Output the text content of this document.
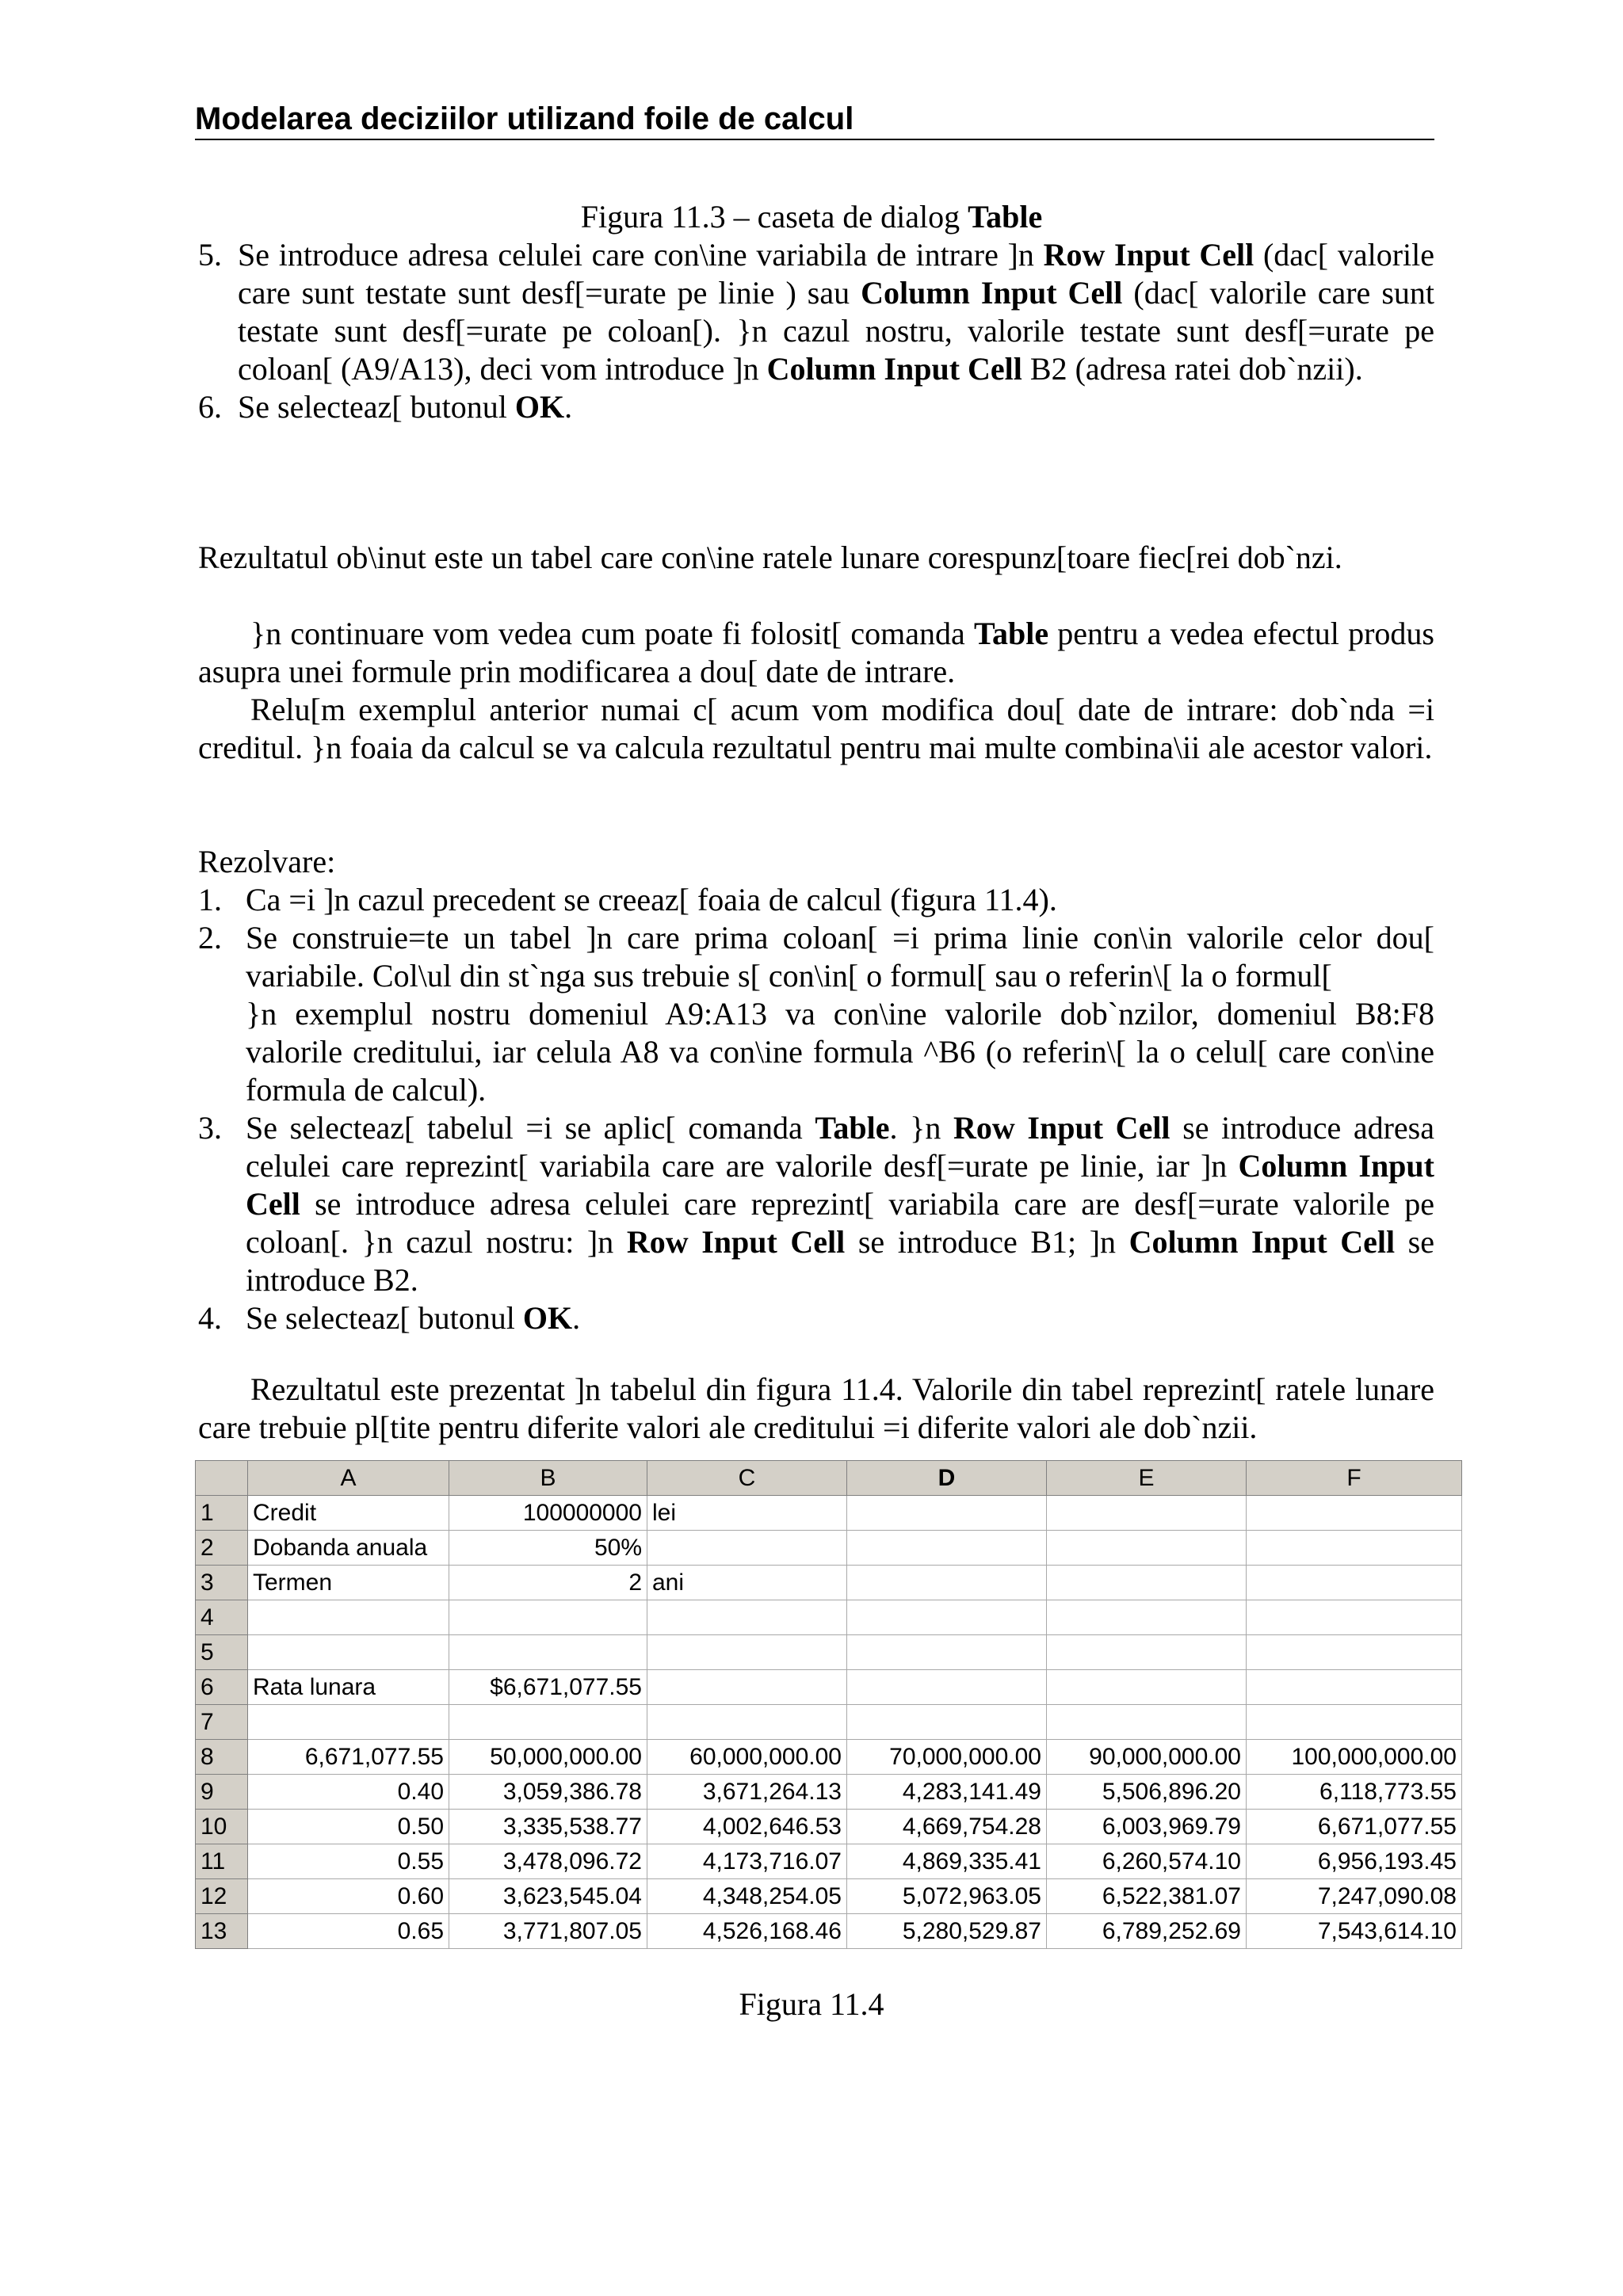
Modelarea deciziilor utilizand foile de calcul
Figura 11.3 – caseta de dialog Table
5. Se introduce adresa celulei care con\ine variabila de intrare ]n Row Input Cell (dac[ valorile care sunt testate sunt desf[=urate pe linie ) sau Column Input Cell (dac[ valorile care sunt testate sunt desf[=urate pe coloan[). }n cazul nostru, valorile testate sunt desf[=urate pe coloan[ (A9/A13), deci vom introduce ]n Column Input Cell B2 (adresa ratei dob`nzii).
6. Se selecteaz[ butonul OK.
Rezultatul ob\inut este un tabel care con\ine ratele lunare corespunz[toare fiec[rei dob`nzi.
}n continuare vom vedea cum poate fi folosit[ comanda Table pentru a vedea efectul produs asupra unei formule prin modificarea a dou[ date de intrare.
Relu[m exemplul anterior numai c[ acum vom modifica dou[ date de intrare: dob`nda =i creditul. }n foaia da calcul se va calcula rezultatul pentru mai multe combina\ii ale acestor valori.
Rezolvare:
1. Ca =i ]n cazul precedent se creeaz[ foaia de calcul (figura 11.4).
2. Se construie=te un tabel ]n care prima coloan[ =i prima linie con\in valorile celor dou[ variabile. Col\ul din st`nga sus trebuie s[ con\in[ o formul[ sau o referin\[ la o formul[
}n exemplul nostru domeniul A9:A13 va con\ine valorile dob`nzilor, domeniul B8:F8 valorile creditului, iar celula A8 va con\ine formula ^B6 (o referin\[ la o celul[ care con\ine formula de calcul).
3. Se selecteaz[ tabelul =i se aplic[ comanda Table. }n Row Input Cell se introduce adresa celulei care reprezint[ variabila care are valorile desf[=urate pe linie, iar ]n Column Input Cell se introduce adresa celulei care reprezint[ variabila care are desf[=urate valorile pe coloan[. }n cazul nostru: ]n Row Input Cell se introduce B1; ]n Column Input Cell se introduce B2.
4. Se selecteaz[ butonul OK.
Rezultatul este prezentat ]n tabelul din figura 11.4. Valorile din tabel reprezint[ ratele lunare care trebuie pl[tite pentru diferite valori ale creditului =i diferite valori ale dob`nzii.
	A	B	C	D	E	F
1	Credit	100000000	lei			
2	Dobanda anuala	50%				
3	Termen	2	ani			
4						
5						
6	Rata lunara	$6,671,077.55				
7						
8	6,671,077.55	50,000,000.00	60,000,000.00	70,000,000.00	90,000,000.00	100,000,000.00
9	0.40	3,059,386.78	3,671,264.13	4,283,141.49	5,506,896.20	6,118,773.55
10	0.50	3,335,538.77	4,002,646.53	4,669,754.28	6,003,969.79	6,671,077.55
11	0.55	3,478,096.72	4,173,716.07	4,869,335.41	6,260,574.10	6,956,193.45
12	0.60	3,623,545.04	4,348,254.05	5,072,963.05	6,522,381.07	7,247,090.08
13	0.65	3,771,807.05	4,526,168.46	5,280,529.87	6,789,252.69	7,543,614.10
Figura 11.4
